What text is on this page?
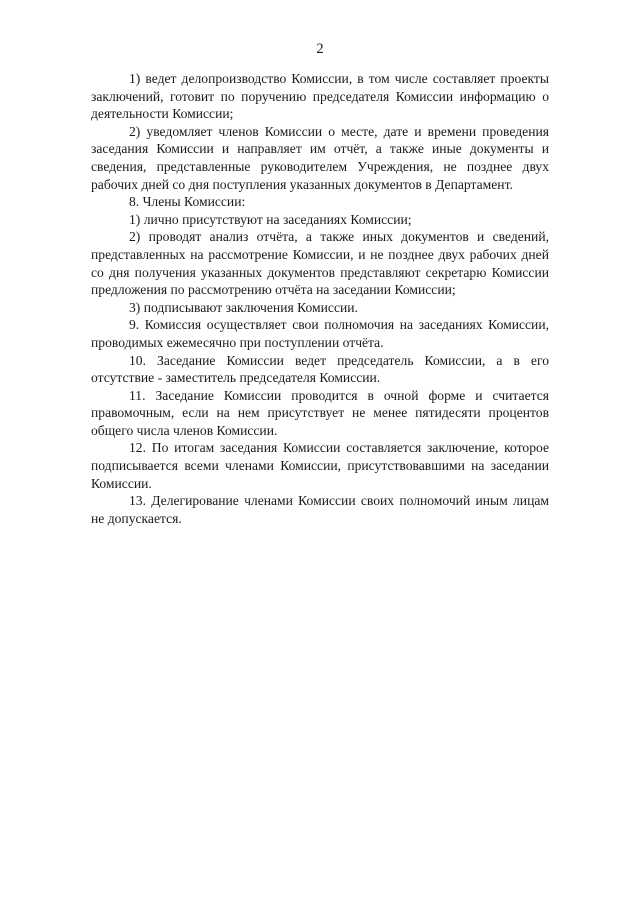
2

1) ведет делопроизводство Комиссии, в том числе составляет проекты заключений, готовит по поручению председателя Комиссии информацию о деятельности Комиссии;

2) уведомляет членов Комиссии о месте, дате и времени проведения заседания Комиссии и направляет им отчёт, а также иные документы и сведения, представленные руководителем Учреждения, не позднее двух рабочих дней со дня поступления указанных документов в Департамент.

8. Члены Комиссии:

1) лично присутствуют на заседаниях Комиссии;

2) проводят анализ отчёта, а также иных документов и сведений, представленных на рассмотрение Комиссии, и не позднее двух рабочих дней со дня получения указанных документов представляют секретарю Комиссии предложения по рассмотрению отчёта на заседании Комиссии;

3) подписывают заключения Комиссии.

9. Комиссия осуществляет свои полномочия на заседаниях Комиссии, проводимых ежемесячно при поступлении отчёта.

10. Заседание Комиссии ведет председатель Комиссии, а в его отсутствие - заместитель председателя Комиссии.

11. Заседание Комиссии проводится в очной форме и считается правомочным, если на нем присутствует не менее пятидесяти процентов общего числа членов Комиссии.

12. По итогам заседания Комиссии составляется заключение, которое подписывается всеми членами Комиссии, присутствовавшими на заседании Комиссии.

13. Делегирование членами Комиссии своих полномочий иным лицам не допускается.
